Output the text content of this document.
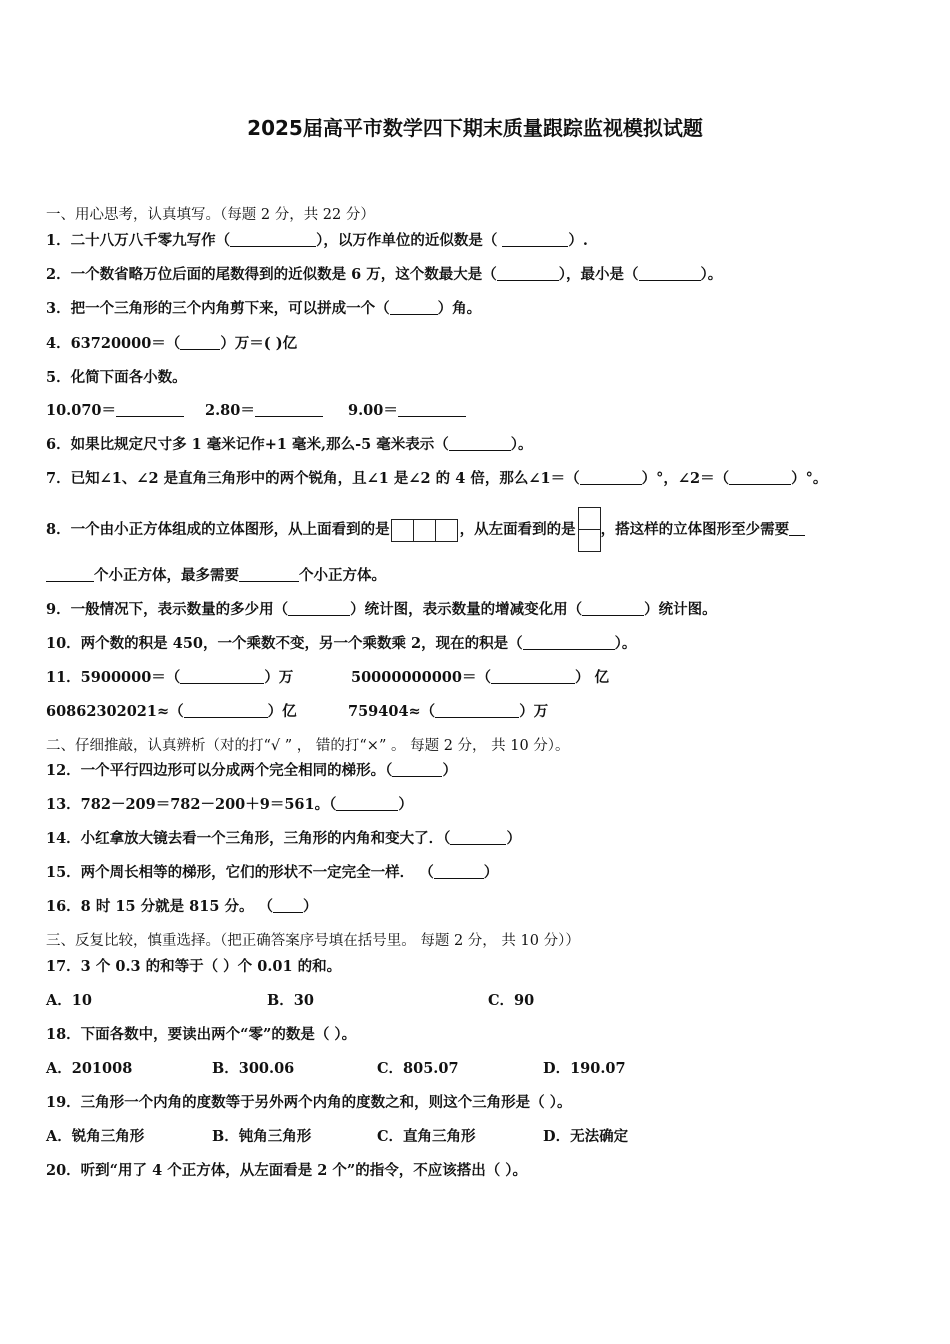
2025届高平市数学四下期末质量跟踪监视模拟试题
一、用心思考，认真填写。（每题 2 分，共 22 分）
1．二十八万八千零九写作（	），以万作单位的近似数是（	）.
2．一个数省略万位后面的尾数得到的近似数是 6 万，这个数最大是（	），最小是（	）。
3．把一个三角形的三个内角剪下来，可以拼成一个（	）角。
4．63720000＝（	）万＝( )亿
5．化简下面各小数。
10.070＝	2.80＝	9.00＝
6．如果比规定尺寸多 1 毫米记作+1 毫米,那么-5 毫米表示（	）。
7．已知∠1、∠2 是直角三角形中的两个锐角，且∠1 是∠2 的 4 倍，那么∠1＝（	）°，∠2＝（	）°。
8．一个由小正方体组成的立体图形，从上面看到的是	，从左面看到的是 ，搭这样的立体图形至少需要
个小正方体，最多需要	个小正方体。
9．一般情况下，表示数量的多少用（	）统计图，表示数量的增减变化用（	）统计图。
10．两个数的积是 450，一个乘数不变，另一个乘数乘 2，现在的积是（	）。
11．5900000＝（	）万	50000000000＝（	） 亿
60862302021≈（	）亿	759404≈（	）万
二、仔细推敲，认真辨析（对的打“√ ” ， 错的打“×” 。 每题 2 分， 共 10 分）。
12．一个平行四边形可以分成两个完全相同的梯形。（	）
13．782－209＝782－200＋9＝561。（	）
14．小红拿放大镜去看一个三角形，三角形的内角和变大了．（	）
15．两个周长相等的梯形，它们的形状不一定完全一样． （	）
16．8 时 15 分就是 815 分。 （ ）
三、反复比较，慎重选择。（把正确答案序号填在括号里。 每题 2 分， 共 10 分））
17．3 个 0.3 的和等于（ ）个 0.01 的和。
A．10	B．30	C．90
18．下面各数中，要读出两个“零”的数是（ ）。
A．201008	B．300.06	C．805.07	D．190.07
19．三角形一个内角的度数等于另外两个内角的度数之和，则这个三角形是（ ）。
A．锐角三角形	B．钝角三角形	C．直角三角形	D．无法确定
20．听到“用了 4 个正方体，从左面看是 2 个”的指令，不应该搭出（ ）。
